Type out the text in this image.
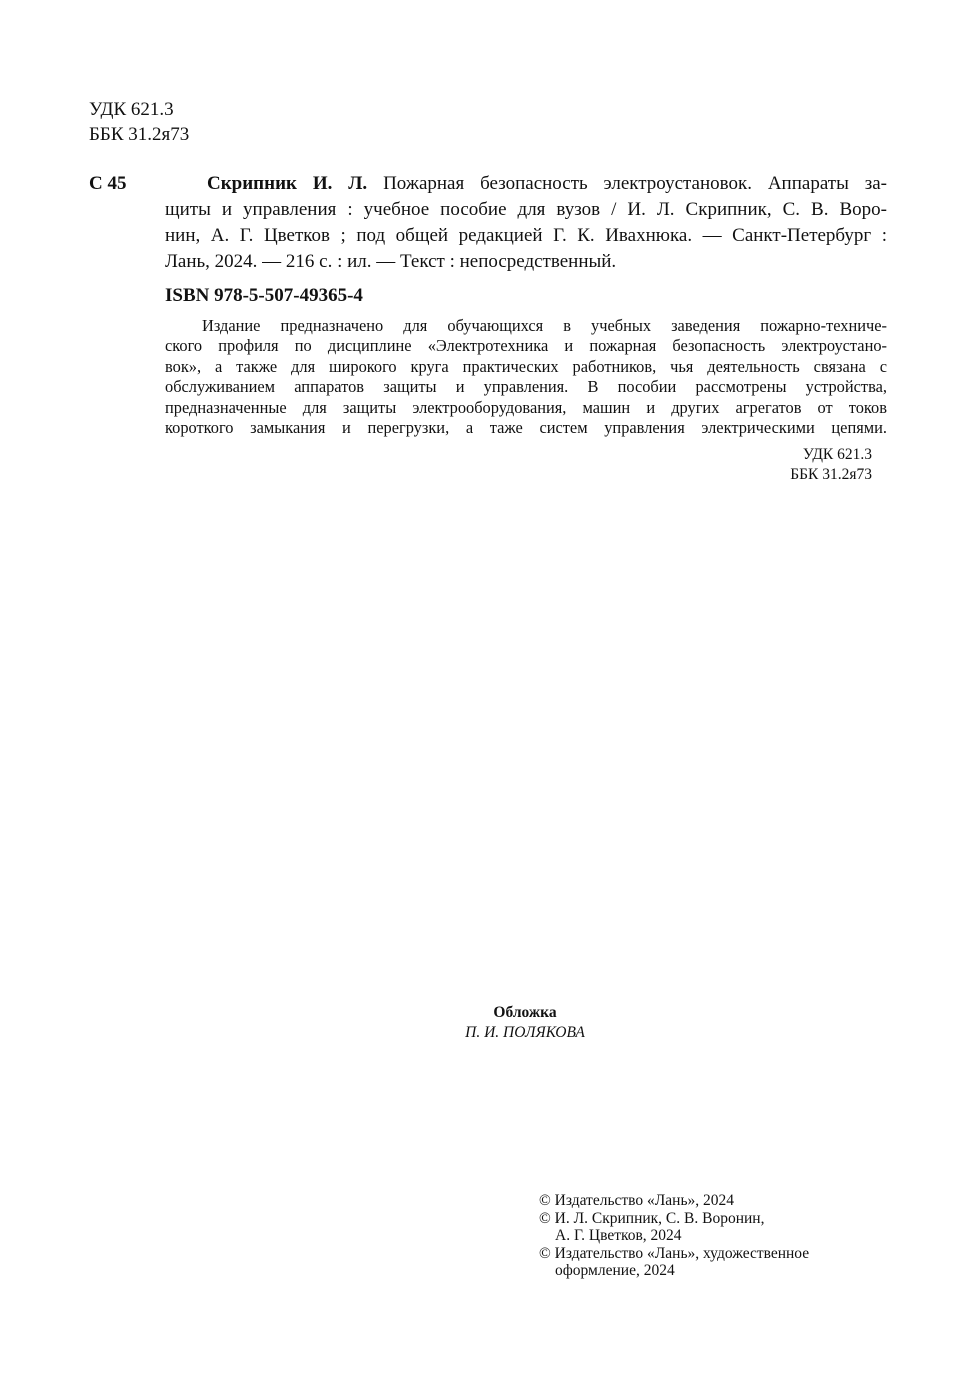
УДК 621.3
ББК 31.2я73
С 45	Скрипник И. Л. Пожарная безопасность электроустановок. Аппараты за-
щиты и управления : учебное пособие для вузов / И. Л. Скрипник, С. В. Воро-
нин, А. Г. Цветков ; под общей редакцией Г. К. Ивахнюка. — Санкт-Петербург :
Лань, 2024. — 216 с. : ил. — Текст : непосредственный.
ISBN 978-5-507-49365-4
Издание предназначено для обучающихся в учебных заведения пожарно-техниче-
ского профиля по дисциплине «Электротехника и пожарная безопасность электроустано-
вок», а также для широкого круга практических работников, чья деятельность связана с
обслуживанием аппаратов защиты и управления. В пособии рассмотрены устройства,
предназначенные для защиты электрооборудования, машин и других агрегатов от токов
короткого замыкания и перегрузки, а таже систем управления электрическими цепями.
УДК 621.3
ББК 31.2я73
Обложка
П. И. ПОЛЯКОВА
© Издательство «Лань», 2024
© И. Л. Скрипник, С. В. Воронин,
А. Г. Цветков, 2024
© Издательство «Лань», художественное
оформление, 2024
